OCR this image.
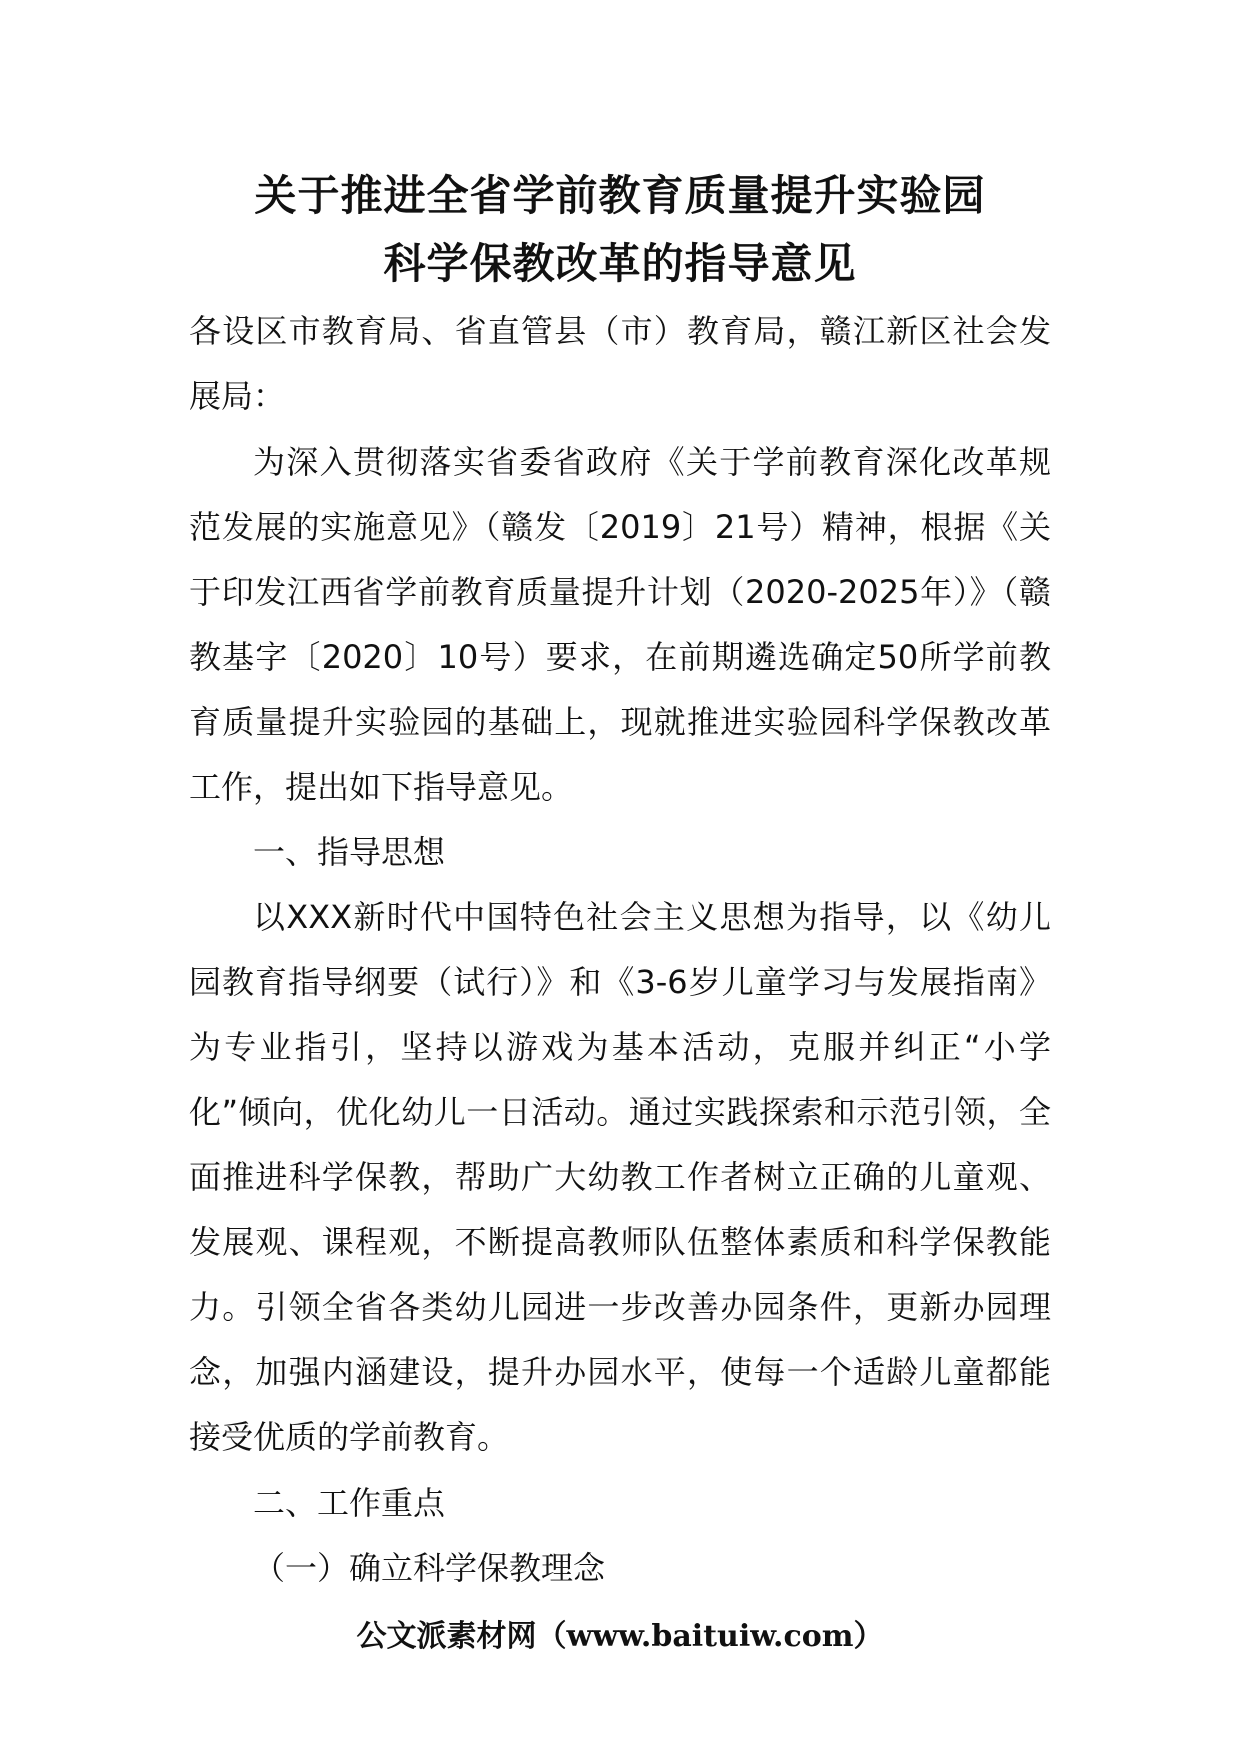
关于推进全省学前教育质量提升实验园
科学保教改革的指导意见
各设区市教育局、省直管县（市）教育局，赣江新区社会发展局：
为深入贯彻落实省委省政府《关于学前教育深化改革规范发展的实施意见》（赣发〔2019〕21号）精神，根据《关于印发江西省学前教育质量提升计划（2020-2025年）》（赣教基字〔2020〕10号）要求，在前期遴选确定50所学前教育质量提升实验园的基础上，现就推进实验园科学保教改革工作，提出如下指导意见。
一、指导思想
以XXX新时代中国特色社会主义思想为指导，以《幼儿园教育指导纲要（试行）》和《3-6岁儿童学习与发展指南》为专业指引，坚持以游戏为基本活动，克服并纠正“小学化”倾向，优化幼儿一日活动。通过实践探索和示范引领，全面推进科学保教，帮助广大幼教工作者树立正确的儿童观、发展观、课程观，不断提高教师队伍整体素质和科学保教能力。引领全省各类幼儿园进一步改善办园条件，更新办园理念，加强内涵建设，提升办园水平，使每一个适龄儿童都能接受优质的学前教育。
二、工作重点
（一）确立科学保教理念
公文派素材网（www.baituiw.com）
